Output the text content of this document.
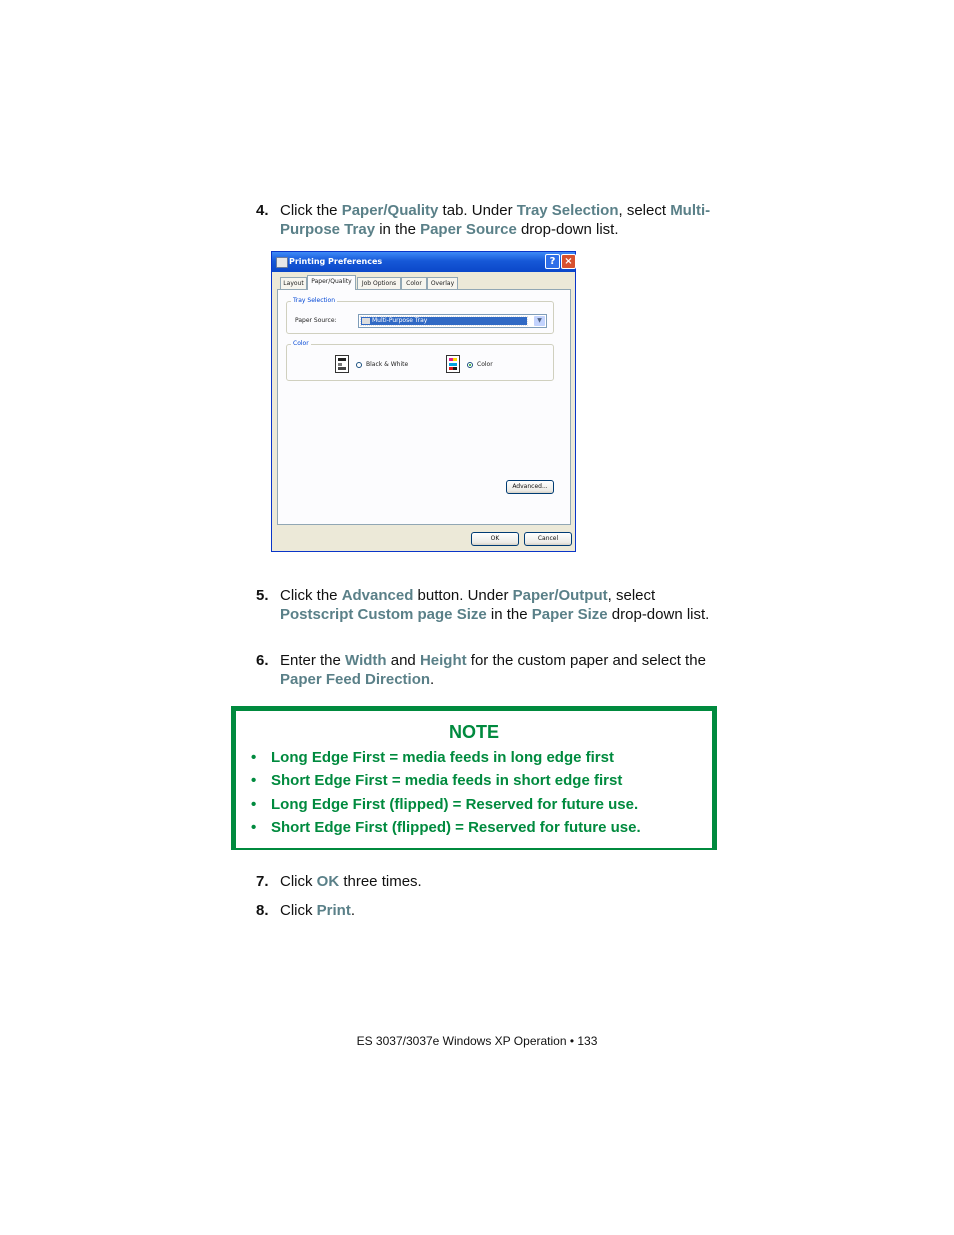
4. Click the Paper/Quality tab. Under Tray Selection, select Multi-Purpose Tray in the Paper Source drop-down list.
Printing Preferences	? ×
Layout	Paper/Quality	Job Options	Color	Overlay
Tray Selection
Paper Source:	Multi-Purpose Tray	▼
Color
Black & White	Color
Advanced...
OK	Cancel
5. Click the Advanced button. Under Paper/Output, select Postscript Custom page Size in the Paper Size drop-down list.
6. Enter the Width and Height for the custom paper and select the Paper Feed Direction.
NOTE
• Long Edge First = media feeds in long edge first
• Short Edge First = media feeds in short edge first
• Long Edge First (flipped) = Reserved for future use.
• Short Edge First (flipped) = Reserved for future use.
7. Click OK three times.
8. Click Print.
ES 3037/3037e Windows XP Operation • 133
